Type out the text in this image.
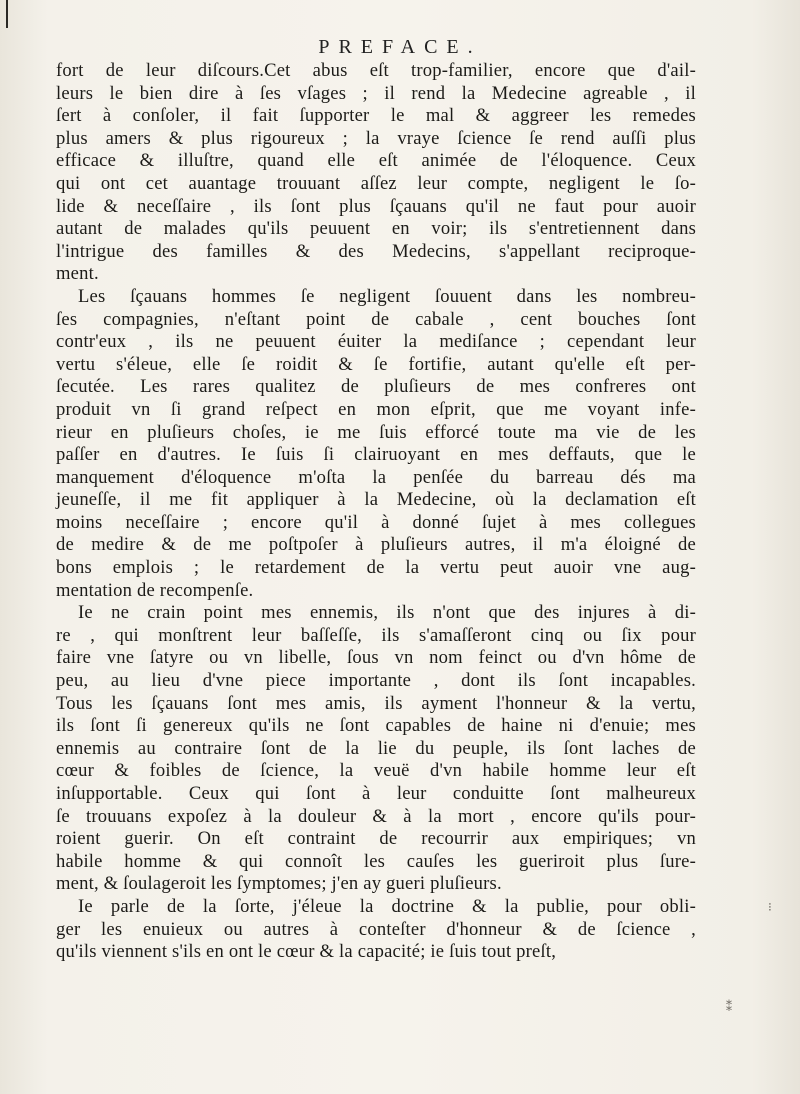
PREFACE.
fort de leur diſcours.Cet abus eſt trop-familier, encore que d'ail-
leurs le bien dire à ſes vſages ; il rend la Medecine agreable , il
ſert à conſoler, il fait ſupporter le mal & aggreer les remedes
plus amers & plus rigoureux ; la vraye ſcience ſe rend auſſi plus
efficace & illuſtre, quand elle eſt animée de l'éloquence. Ceux
qui ont cet auantage trouuant aſſez leur compte, negligent le ſo-
lide & neceſſaire , ils ſont plus ſçauans qu'il ne faut pour auoir
autant de malades qu'ils peuuent en voir; ils s'entretiennent dans
l'intrigue des familles & des Medecins, s'appellant reciproque-
ment.
Les ſçauans hommes ſe negligent ſouuent dans les nombreu-
ſes compagnies, n'eſtant point de cabale , cent bouches ſont
contr'eux , ils ne peuuent éuiter la mediſance ; cependant leur
vertu s'éleue, elle ſe roidit & ſe fortifie, autant qu'elle eſt per-
ſecutée. Les rares qualitez de pluſieurs de mes confreres ont
produit vn ſi grand reſpect en mon eſprit, que me voyant infe-
rieur en pluſieurs choſes, ie me ſuis efforcé toute ma vie de les
paſſer en d'autres. Ie ſuis ſi clairuoyant en mes deffauts, que le
manquement d'éloquence m'oſta la penſée du barreau dés ma
jeuneſſe, il me fit appliquer à la Medecine, où la declamation eſt
moins neceſſaire ; encore qu'il à donné ſujet à mes collegues
de medire & de me poſtpoſer à pluſieurs autres, il m'a éloigné de
bons emplois ; le retardement de la vertu peut auoir vne aug-
mentation de recompenſe.
Ie ne crain point mes ennemis, ils n'ont que des injures à di-
re , qui monſtrent leur baſſeſſe, ils s'amaſſeront cinq ou ſix pour
faire vne ſatyre ou vn libelle, ſous vn nom feinct ou d'vn hôme de
peu, au lieu d'vne piece importante , dont ils ſont incapables.
Tous les ſçauans ſont mes amis, ils ayment l'honneur & la vertu,
ils ſont ſi genereux qu'ils ne ſont capables de haine ni d'enuie; mes
ennemis au contraire ſont de la lie du peuple, ils ſont laches de
cœur & foibles de ſcience, la veuë d'vn habile homme leur eſt
inſupportable. Ceux qui ſont à leur conduitte ſont malheureux
ſe trouuans expoſez à la douleur & à la mort , encore qu'ils pour-
roient guerir. On eſt contraint de recourrir aux empiriques; vn
habile homme & qui connoît les cauſes les gueriroit plus ſure-
ment, & ſoulageroit les ſymptomes; j'en ay gueri pluſieurs.
Ie parle de la ſorte, j'éleue la doctrine & la publie, pour obli-
ger les enuieux ou autres à conteſter d'honneur & de ſcience ,
qu'ils viennent s'ils en ont le cœur & la capacité; ie ſuis tout preſt,
⁝
⁑
